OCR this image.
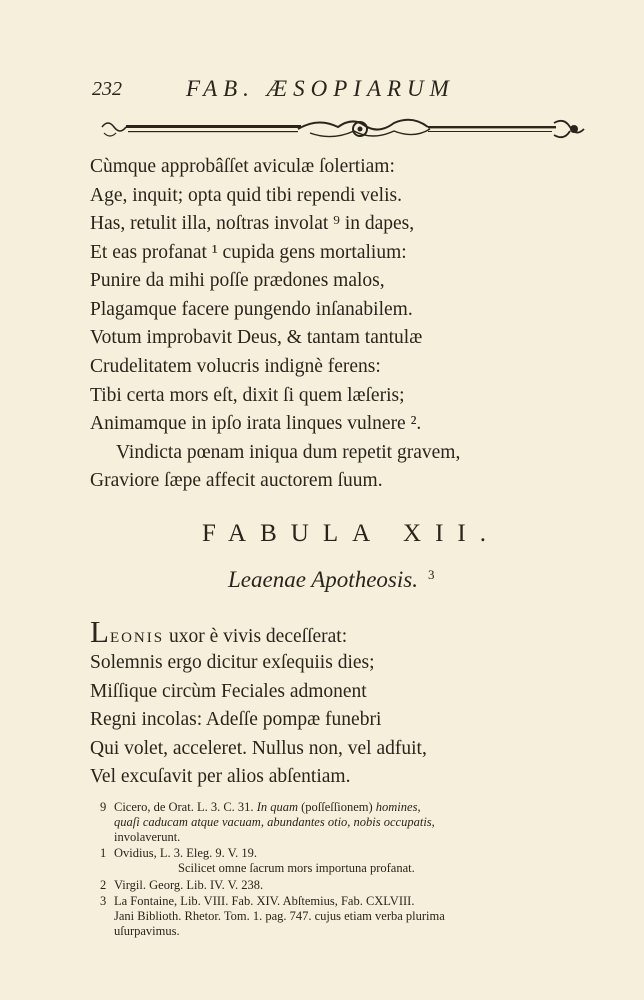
232	FAB. ÆSOPIARUM
Cùmque approbâſſet aviculæ ſolertiam:
Age, inquit; opta quid tibi rependi velis.
Has, retulit illa, noſtras involat ⁹ in dapes,
Et eas profanat ¹ cupida gens mortalium:
Punire da mihi poſſe prædones malos,
Plagamque facere pungendo inſanabilem.
Votum improbavit Deus, & tantam tantulæ
Crudelitatem volucris indignè ferens:
Tibi certa mors eſt, dixit ſi quem læſeris;
Animamque in ipſo irata linques vulnere ².
Vindicta pœnam iniqua dum repetit gravem,
Graviore ſæpe affecit auctorem ſuum.
FABULA XII.
Leaenae Apotheosis. $^3$
LEONIS uxor è vivis deceſſerat:
Solemnis ergo dicitur exſequiis dies;
Miſſique circùm Feciales admonent
Regni incolas: Adeſſe pompæ funebri
Qui volet, acceleret. Nullus non, vel adfuit,
Vel excuſavit per alios abſentiam.
9 Cicero, de Orat. L. 3. C. 31. In quam (poſſeſſionem) homines,
quaſi caducam atque vacuam, abundantes otio, nobis occupatis,
involaverunt.
1 Ovidius, L. 3. Eleg. 9. V. 19.
Scilicet omne ſacrum mors importuna profanat.
2 Virgil. Georg. Lib. IV. V. 238.
3 La Fontaine, Lib. VIII. Fab. XIV. Abſtemius, Fab. CXLVIII.
Jani Biblioth. Rhetor. Tom. 1. pag. 747. cujus etiam verba plurima
uſurpavimus.
